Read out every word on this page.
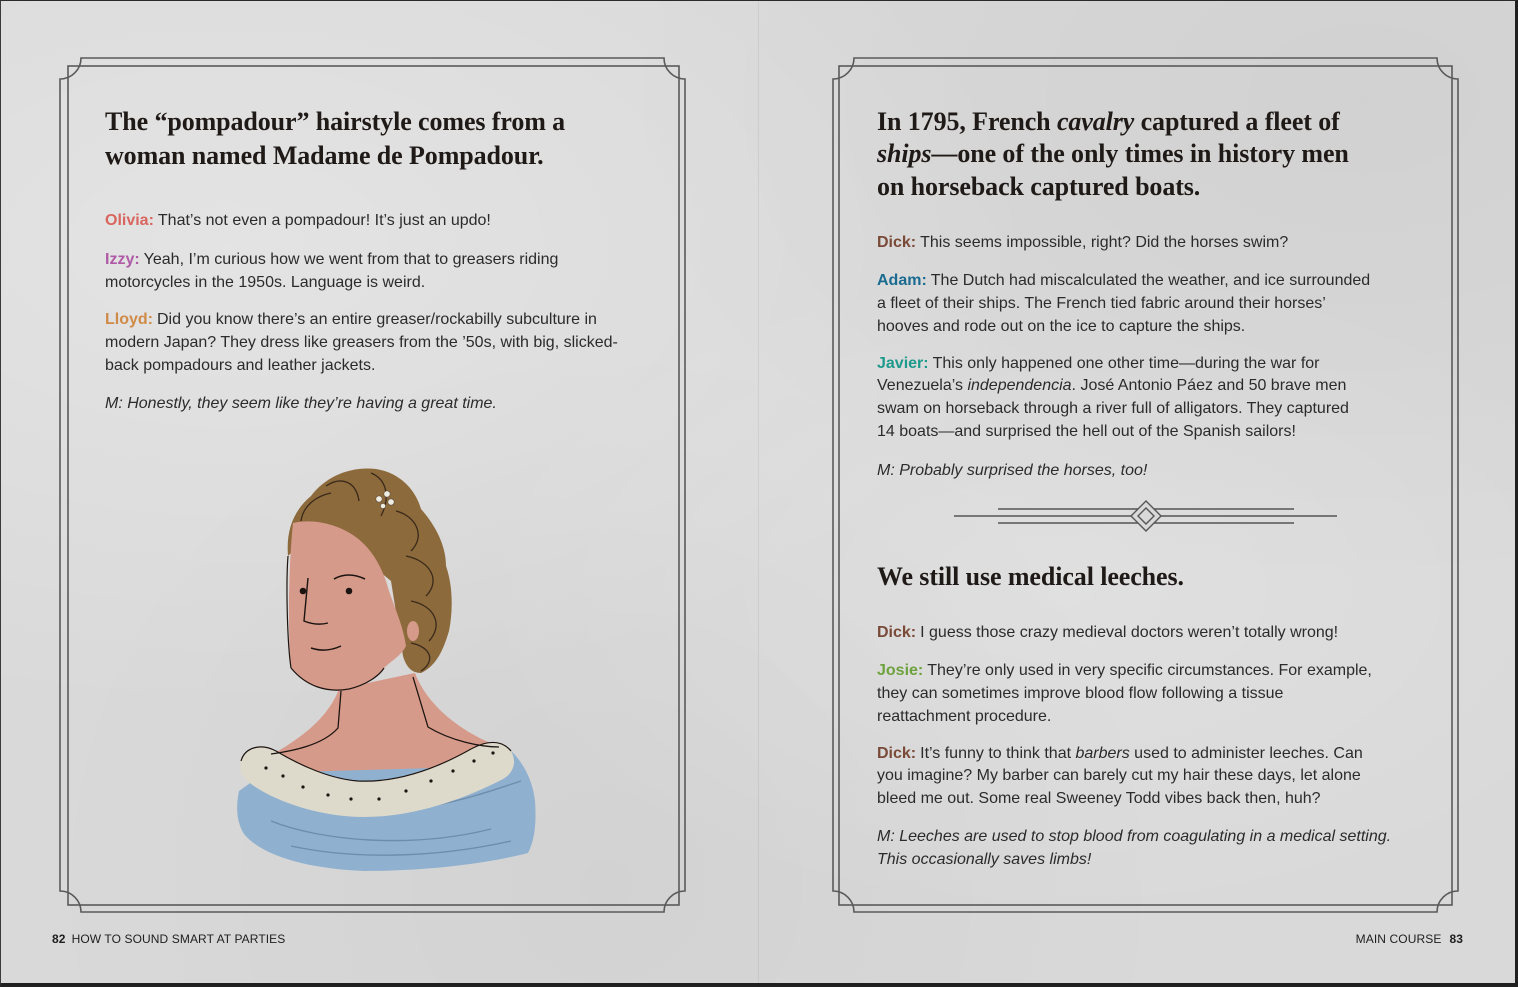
The “pompadour” hairstyle comes from a
woman named Madame de Pompadour.
Olivia: That’s not even a pompadour! It’s just an updo!
Izzy: Yeah, I’m curious how we went from that to greasers riding
motorcycles in the 1950s. Language is weird.
Lloyd: Did you know there’s an entire greaser/rockabilly subculture in
modern Japan? They dress like greasers from the ’50s, with big, slicked-
back pompadours and leather jackets.
M: Honestly, they seem like they’re having a great time.
82 HOW TO SOUND SMART AT PARTIES
In 1795, French cavalry captured a fleet of
ships—one of the only times in history men
on horseback captured boats.
Dick: This seems impossible, right? Did the horses swim?
Adam: The Dutch had miscalculated the weather, and ice surrounded
a fleet of their ships. The French tied fabric around their horses’
hooves and rode out on the ice to capture the ships.
Javier: This only happened one other time—during the war for
Venezuela’s independencia. José Antonio Páez and 50 brave men
swam on horseback through a river full of alligators. They captured
14 boats—and surprised the hell out of the Spanish sailors!
M: Probably surprised the horses, too!
We still use medical leeches.
Dick: I guess those crazy medieval doctors weren’t totally wrong!
Josie: They’re only used in very specific circumstances. For example,
they can sometimes improve blood flow following a tissue
reattachment procedure.
Dick: It’s funny to think that barbers used to administer leeches. Can
you imagine? My barber can barely cut my hair these days, let alone
bleed me out. Some real Sweeney Todd vibes back then, huh?
M: Leeches are used to stop blood from coagulating in a medical setting.
This occasionally saves limbs!
MAIN COURSE 83
